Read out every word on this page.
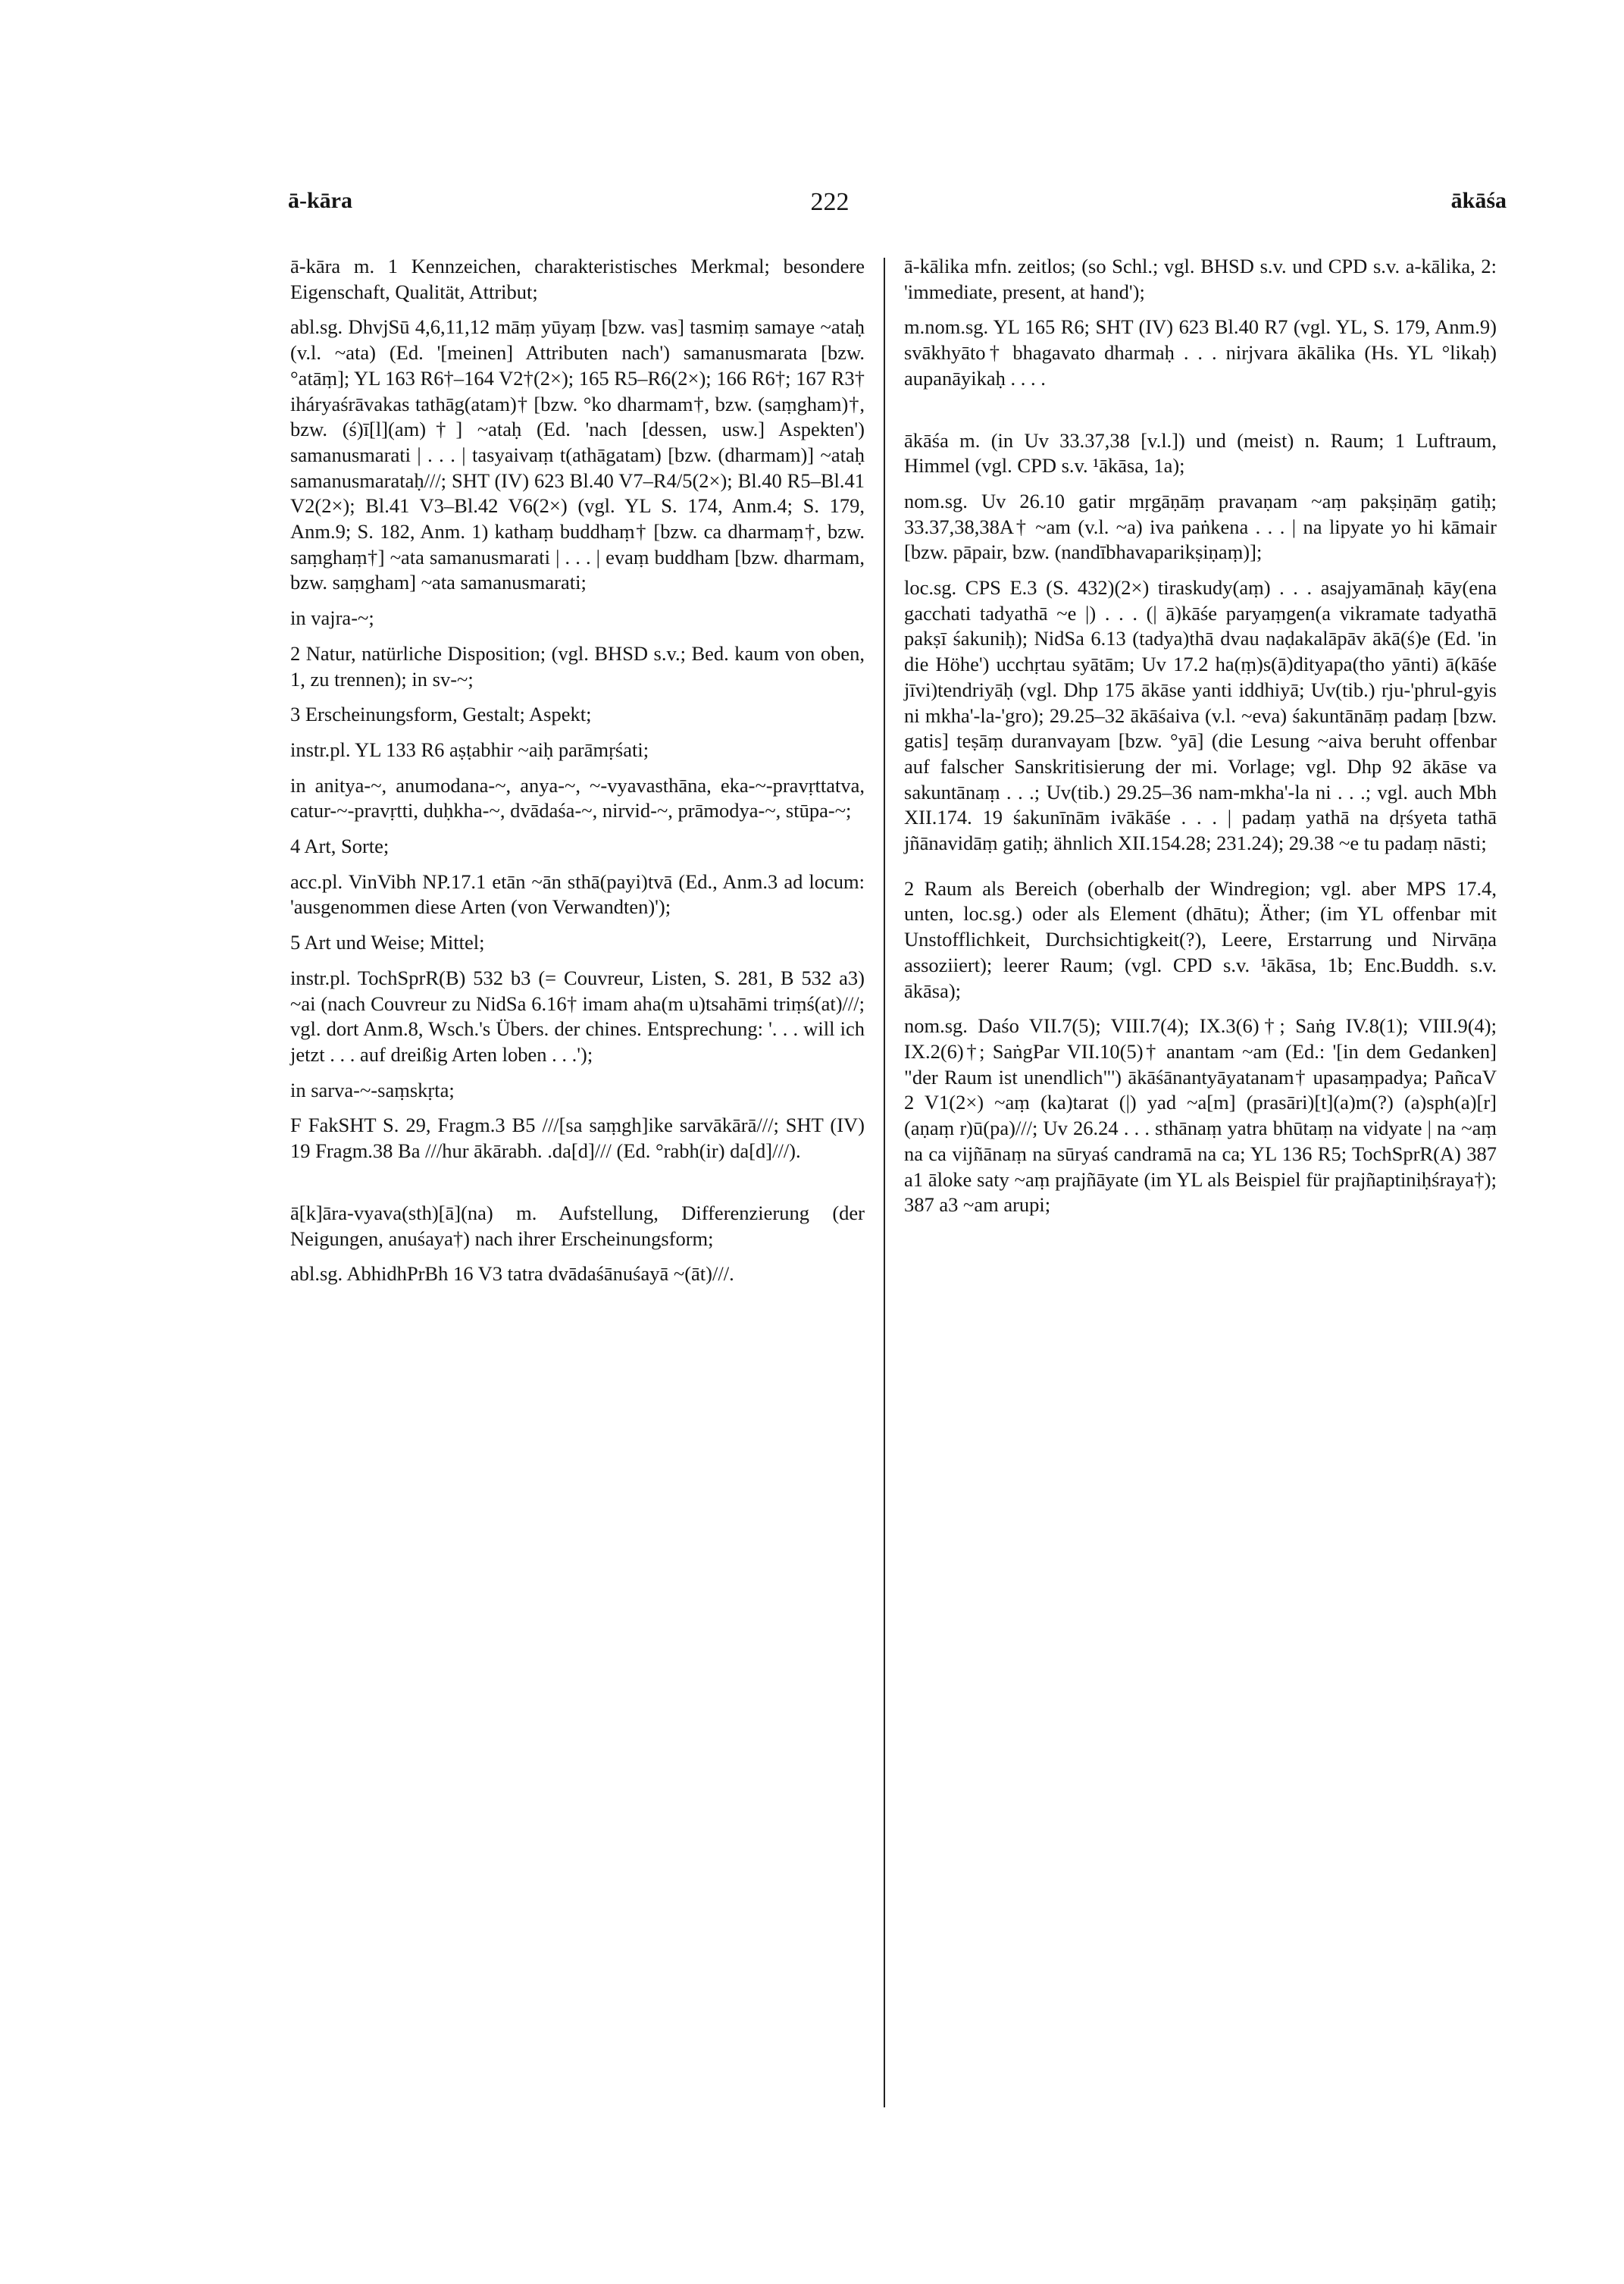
ā-kāra	222	ākāśa

ā-kāra m. 1 Kennzeichen, charakteristisches Merkmal; besondere Eigenschaft, Qualität, Attribut;

abl.sg. DhvjSū 4,6,11,12 māṃ yūyaṃ [bzw. vas] tasmiṃ samaye ~ataḥ (v.l. ~ata) (Ed. '[meinen] Attributen nach') samanusmarata [bzw. °atāṃ]; YL 163 R6†–164 V2†(2×); 165 R5–R6(2×); 166 R6†; 167 R3† iháryaśrāvakas tathāg(atam)† [bzw. °ko dharmam†, bzw. (saṃgham)†, bzw. (ś)ī[l](am)†] ~ataḥ (Ed. 'nach [dessen, usw.] Aspekten') samanusmarati | . . . | tasyaivaṃ t(athāgatam) [bzw. (dharmam)] ~ataḥ samanusmarataḥ///; SHT (IV) 623 Bl.40 V7–R4/5(2×); Bl.40 R5–Bl.41 V2(2×); Bl.41 V3–Bl.42 V6(2×) (vgl. YL S. 174, Anm.4; S. 179, Anm.9; S. 182, Anm. 1) kathaṃ buddhaṃ† [bzw. ca dharmaṃ†, bzw. saṃghaṃ†] ~ata samanusmarati | . . . | evaṃ buddham [bzw. dharmam, bzw. saṃgham] ~ata samanusmarati;

in vajra-~;

2 Natur, natürliche Disposition; (vgl. BHSD s.v.; Bed. kaum von oben, 1, zu trennen); in sv-~;

3 Erscheinungsform, Gestalt; Aspekt;

instr.pl. YL 133 R6 aṣṭabhir ~aiḥ parāmṛśati;

in anitya-~, anumodana-~, anya-~, ~-vyavasthāna, eka-~-pravṛttatva, catur-~-pravṛtti, duḥkha-~, dvādaśa-~, nirvid-~, prāmodya-~, stūpa-~;

4 Art, Sorte;

acc.pl. VinVibh NP.17.1 etān ~ān sthā(payi)tvā (Ed., Anm.3 ad locum: 'ausgenommen diese Arten (von Verwandten)');

5 Art und Weise; Mittel;

instr.pl. TochSprR(B) 532 b3 (= Couvreur, Listen, S. 281, B 532 a3) ~ai (nach Couvreur zu NidSa 6.16† imam aha(m u)tsahāmi triṃś(at)///; vgl. dort Anm.8, Wsch.'s Übers. der chines. Entsprechung: '. . . will ich jetzt . . . auf dreißig Arten loben . . .');

in sarva-~-saṃskṛta;

F FakSHT S. 29, Fragm.3 B5 ///[sa saṃgh]ike sarvākārā///; SHT (IV) 19 Fragm.38 Ba ///hur ākārabh. .da[d]/// (Ed. °rabh(ir) da[d]///).

ā[k]āra-vyava(sth)[ā](na) m. Aufstellung, Differenzierung (der Neigungen, anuśaya†) nach ihrer Erscheinungsform;

abl.sg. AbhidhPrBh 16 V3 tatra dvādaśānuśayā ~(āt)///.

ā-kālika mfn. zeitlos; (so Schl.; vgl. BHSD s.v. und CPD s.v. a-kālika, 2: 'immediate, present, at hand');

m.nom.sg. YL 165 R6; SHT (IV) 623 Bl.40 R7 (vgl. YL, S. 179, Anm.9) svākhyāto† bhagavato dharmaḥ . . . nirjvara ākālika (Hs. YL °likaḥ) aupanāyikaḥ . . . .

ākāśa m. (in Uv 33.37,38 [v.l.]) und (meist) n. Raum; 1 Luftraum, Himmel (vgl. CPD s.v. ¹ākāsa, 1a);

nom.sg. Uv 26.10 gatir mṛgāṇāṃ pravaṇam ~aṃ pakṣiṇāṃ gatiḥ; 33.37,38,38A† ~am (v.l. ~a) iva paṅkena . . . | na lipyate yo hi kāmair [bzw. pāpair, bzw. (nandībhavaparikṣiṇaṃ)];

loc.sg. CPS E.3 (S. 432)(2×) tiraskudy(aṃ) . . . asajyamānaḥ kāy(ena gacchati tadyathā ~e |) . . . (| ā)kāśe paryaṃgen(a vikramate tadyathā pakṣī śakuniḥ); NidSa 6.13 (tadya)thā dvau naḍakalāpāv ākā(ś)e (Ed. 'in die Höhe') ucchṛtau syātām; Uv 17.2 ha(ṃ)s(ā)dityapa(tho yānti) ā(kāśe jīvi)tendriyāḥ (vgl. Dhp 175 ākāse yanti iddhiyā; Uv(tib.) rju-'phrul-gyis ni mkha'-la-'gro); 29.25–32 ākāśaiva (v.l. ~eva) śakuntānāṃ padaṃ [bzw. gatis] teṣāṃ duranvayam [bzw. °yā] (die Lesung ~aiva beruht offenbar auf falscher Sanskritisierung der mi. Vorlage; vgl. Dhp 92 ākāse va sakuntānaṃ . . .; Uv(tib.) 29.25–36 nam-mkha'-la ni . . .; vgl. auch Mbh XII.174. 19 śakunīnām ivākāśe . . . | padaṃ yathā na dṛśyeta tathā jñānavidāṃ gatiḥ; ähnlich XII.154.28; 231.24); 29.38 ~e tu padaṃ nāsti;

2 Raum als Bereich (oberhalb der Windregion; vgl. aber MPS 17.4, unten, loc.sg.) oder als Element (dhātu); Äther; (im YL offenbar mit Unstofflichkeit, Durchsichtigkeit(?), Leere, Erstarrung und Nirvāṇa assoziiert); leerer Raum; (vgl. CPD s.v. ¹ākāsa, 1b; Enc.Buddh. s.v. ākāsa);

nom.sg. Daśo VII.7(5); VIII.7(4); IX.3(6)†; Saṅg IV.8(1); VIII.9(4); IX.2(6)†; SaṅgPar VII.10(5)† anantam ~am (Ed.: '[in dem Gedanken] "der Raum ist unendlich"') ākāśānantyāyatanam† upasaṃpadya; PañcaV 2 V1(2×) ~aṃ (ka)tarat (|) yad ~a[m] (prasāri)[t](a)m(?) (a)sph(a)[r](aṇaṃ r)ū(pa)///; Uv 26.24 . . . sthānaṃ yatra bhūtaṃ na vidyate | na ~aṃ na ca vijñānaṃ na sūryaś candramā na ca; YL 136 R5; TochSprR(A) 387 a1 āloke saty ~aṃ prajñāyate (im YL als Beispiel für prajñaptiniḥśraya†); 387 a3 ~am arupi;
